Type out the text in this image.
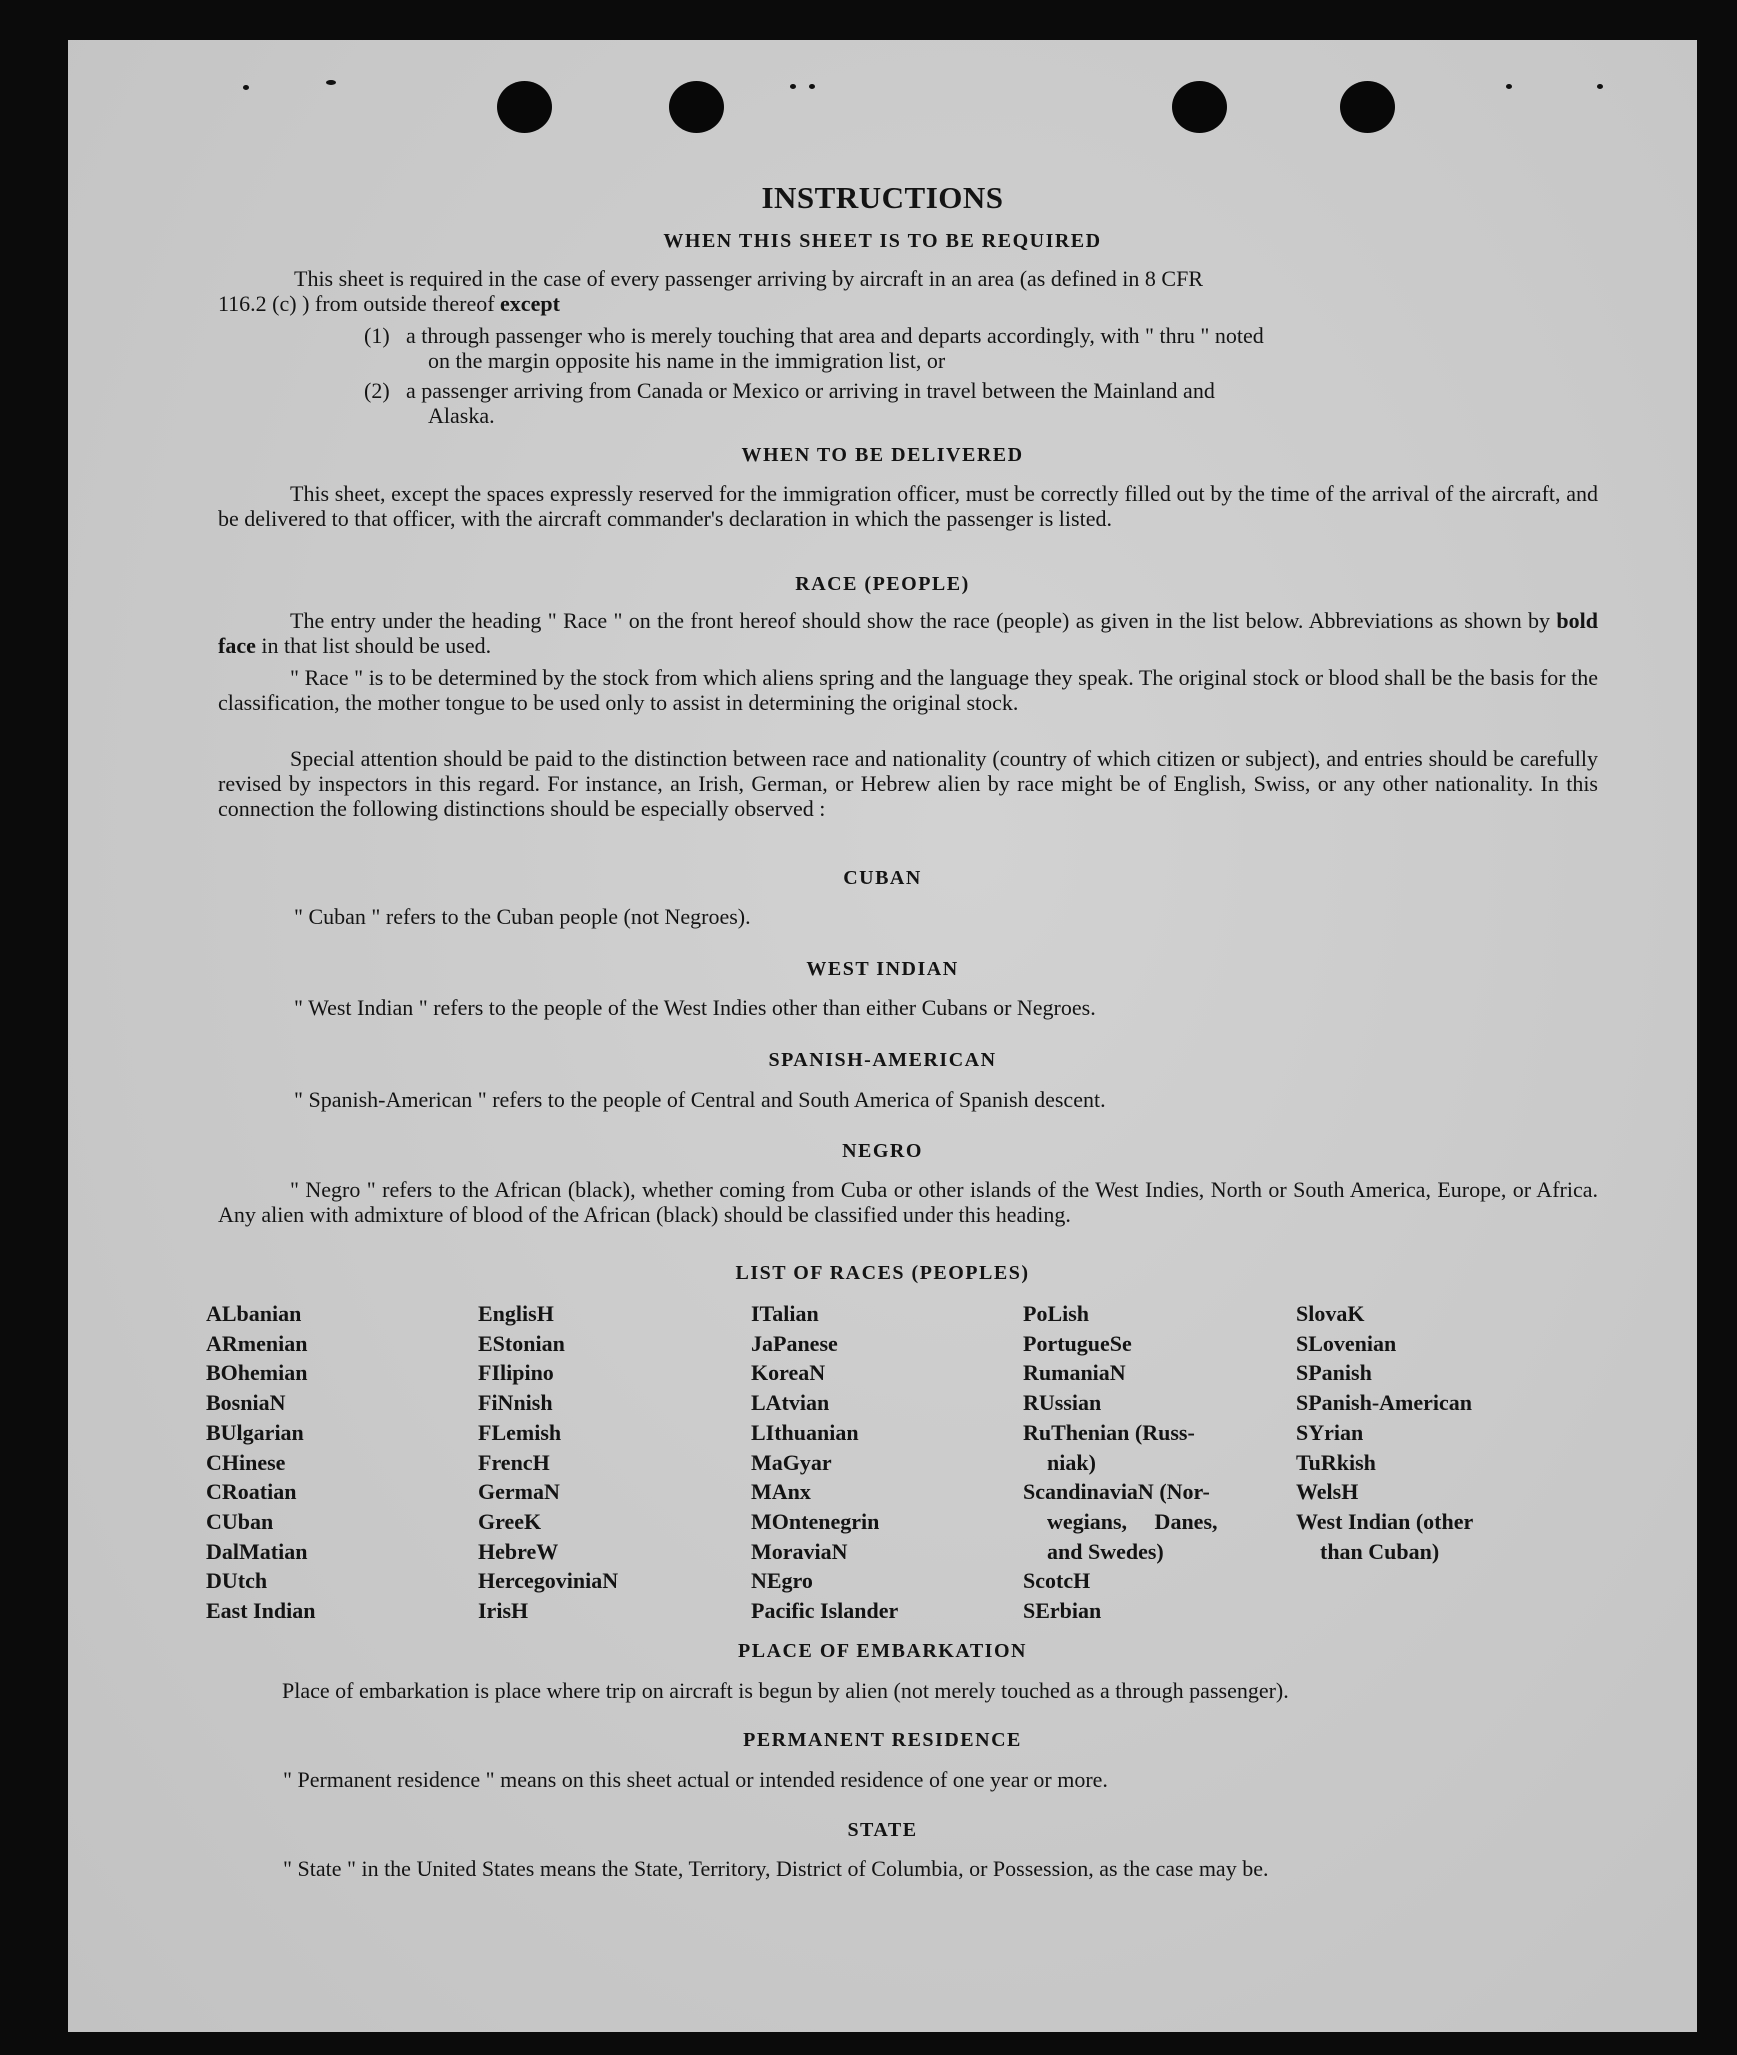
INSTRUCTIONS
WHEN THIS SHEET IS TO BE REQUIRED
This sheet is required in the case of every passenger arriving by aircraft in an area (as defined in 8 CFR
116.2 (c) ) from outside thereof except
(1) a through passenger who is merely touching that area and departs accordingly, with " thru " noted
on the margin opposite his name in the immigration list, or
(2) a passenger arriving from Canada or Mexico or arriving in travel between the Mainland and
Alaska.
WHEN TO BE DELIVERED
This sheet, except the spaces expressly reserved for the immigration officer, must be correctly filled out by the time of the arrival of the aircraft, and be delivered to that officer, with the aircraft commander's declaration in which the passenger is listed.
RACE (PEOPLE)
The entry under the heading " Race " on the front hereof should show the race (people) as given in the list below. Abbreviations as shown by bold face in that list should be used.
" Race " is to be determined by the stock from which aliens spring and the language they speak. The original stock or blood shall be the basis for the classification, the mother tongue to be used only to assist in determining the original stock.
Special attention should be paid to the distinction between race and nationality (country of which citizen or subject), and entries should be carefully revised by inspectors in this regard. For instance, an Irish, German, or Hebrew alien by race might be of English, Swiss, or any other nationality. In this connection the following distinctions should be especially observed :
CUBAN
" Cuban " refers to the Cuban people (not Negroes).
WEST INDIAN
" West Indian " refers to the people of the West Indies other than either Cubans or Negroes.
SPANISH-AMERICAN
" Spanish-American " refers to the people of Central and South America of Spanish descent.
NEGRO
" Negro " refers to the African (black), whether coming from Cuba or other islands of the West Indies, North or South America, Europe, or Africa. Any alien with admixture of blood of the African (black) should be classified under this heading.
LIST OF RACES (PEOPLES)
ALbanian
ARmenian
BOhemian
BosniaN
BUlgarian
CHinese
CRoatian
CUban
DalMatian
DUtch
East Indian
EnglisH
EStonian
FIlipino
FiNnish
FLemish
FrencH
GermaN
GreeK
HebreW
HercegoviniaN
IrisH
ITalian
JaPanese
KoreaN
LAtvian
LIthuanian
MaGyar
MAnx
MOntenegrin
MoraviaN
NEgro
Pacific Islander
PoLish
PortugueSe
RumaniaN
RUssian
RuThenian (Russ-
niak)
ScandinaviaN (Nor-
wegians, Danes,
and Swedes)
ScotcH
SErbian
SlovaK
SLovenian
SPanish
SPanish-American
SYrian
TuRkish
WelsH
West Indian (other
than Cuban)
PLACE OF EMBARKATION
Place of embarkation is place where trip on aircraft is begun by alien (not merely touched as a through passenger).
PERMANENT RESIDENCE
" Permanent residence " means on this sheet actual or intended residence of one year or more.
STATE
" State " in the United States means the State, Territory, District of Columbia, or Possession, as the case may be.
